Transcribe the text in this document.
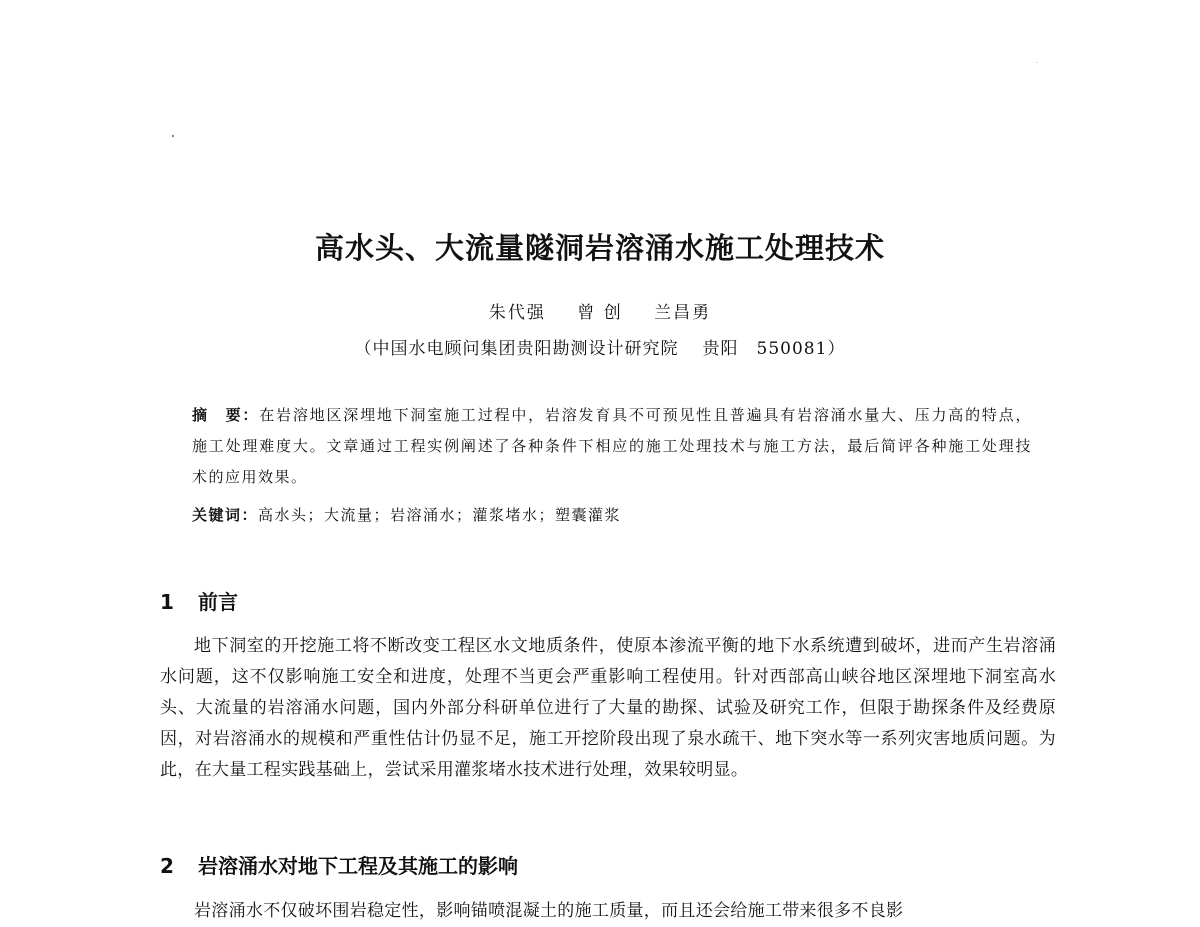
高水头、大流量隧洞岩溶涌水施工处理技术
朱代强 曾 创 兰昌勇
（中国水电顾问集团贵阳勘测设计研究院 贵阳　550081）
摘　要：在岩溶地区深埋地下洞室施工过程中，岩溶发育具不可预见性且普遍具有岩溶涌水量大、压力高的特点，施工处理难度大。文章通过工程实例阐述了各种条件下相应的施工处理技术与施工方法，最后简评各种施工处理技术的应用效果。
关键词：高水头；大流量；岩溶涌水；灌浆堵水；塑囊灌浆
1 前言
地下洞室的开挖施工将不断改变工程区水文地质条件，使原本渗流平衡的地下水系统遭到破坏，进而产生岩溶涌水问题，这不仅影响施工安全和进度，处理不当更会严重影响工程使用。针对西部高山峡谷地区深埋地下洞室高水头、大流量的岩溶涌水问题，国内外部分科研单位进行了大量的勘探、试验及研究工作，但限于勘探条件及经费原因，对岩溶涌水的规模和严重性估计仍显不足，施工开挖阶段出现了泉水疏干、地下突水等一系列灾害地质问题。为此，在大量工程实践基础上，尝试采用灌浆堵水技术进行处理，效果较明显。
2 岩溶涌水对地下工程及其施工的影响
岩溶涌水不仅破坏围岩稳定性，影响锚喷混凝土的施工质量，而且还会给施工带来很多不良影
